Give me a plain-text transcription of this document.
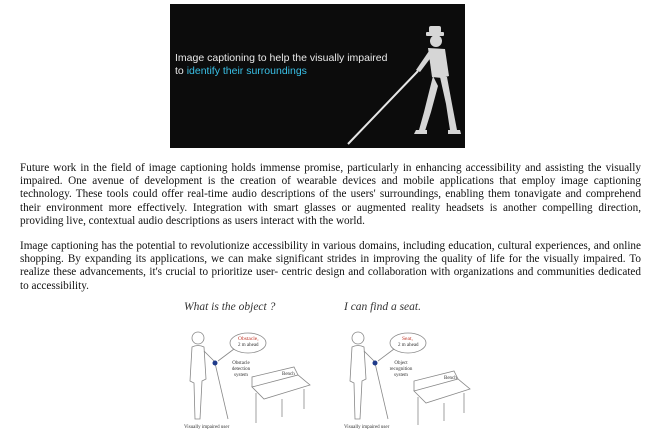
Image captioning to help the visually impaired
to identify their surroundings

Future work in the field of image captioning holds immense promise, particularly in enhancing accessibility and assisting the visually impaired. One avenue of development is the creation of wearable devices and mobile applications that employ image captioning technology. These tools could offer real-time audio descriptions of the users' surroundings, enabling them tonavigate and comprehend their environment more effectively. Integration with smart glasses or augmented reality headsets is another compelling direction, providing live, contextual audio descriptions as users interact with the world.

Image captioning has the potential to revolutionize accessibility in various domains, including education, cultural experiences, and online shopping. By expanding its applications, we can make significant strides in improving the quality of life for the visually impaired. To realize these advancements, it's crucial to prioritize user- centric design and collaboration with organizations and communities dedicated to accessibility.

What is the object ?
Obstacle,
2 m ahead
Obstacle detection system	Bench
Visually impaired user
I can find a seat.
Seat,
2 m ahead
Object recognition system
Bench
Visually impaired user
